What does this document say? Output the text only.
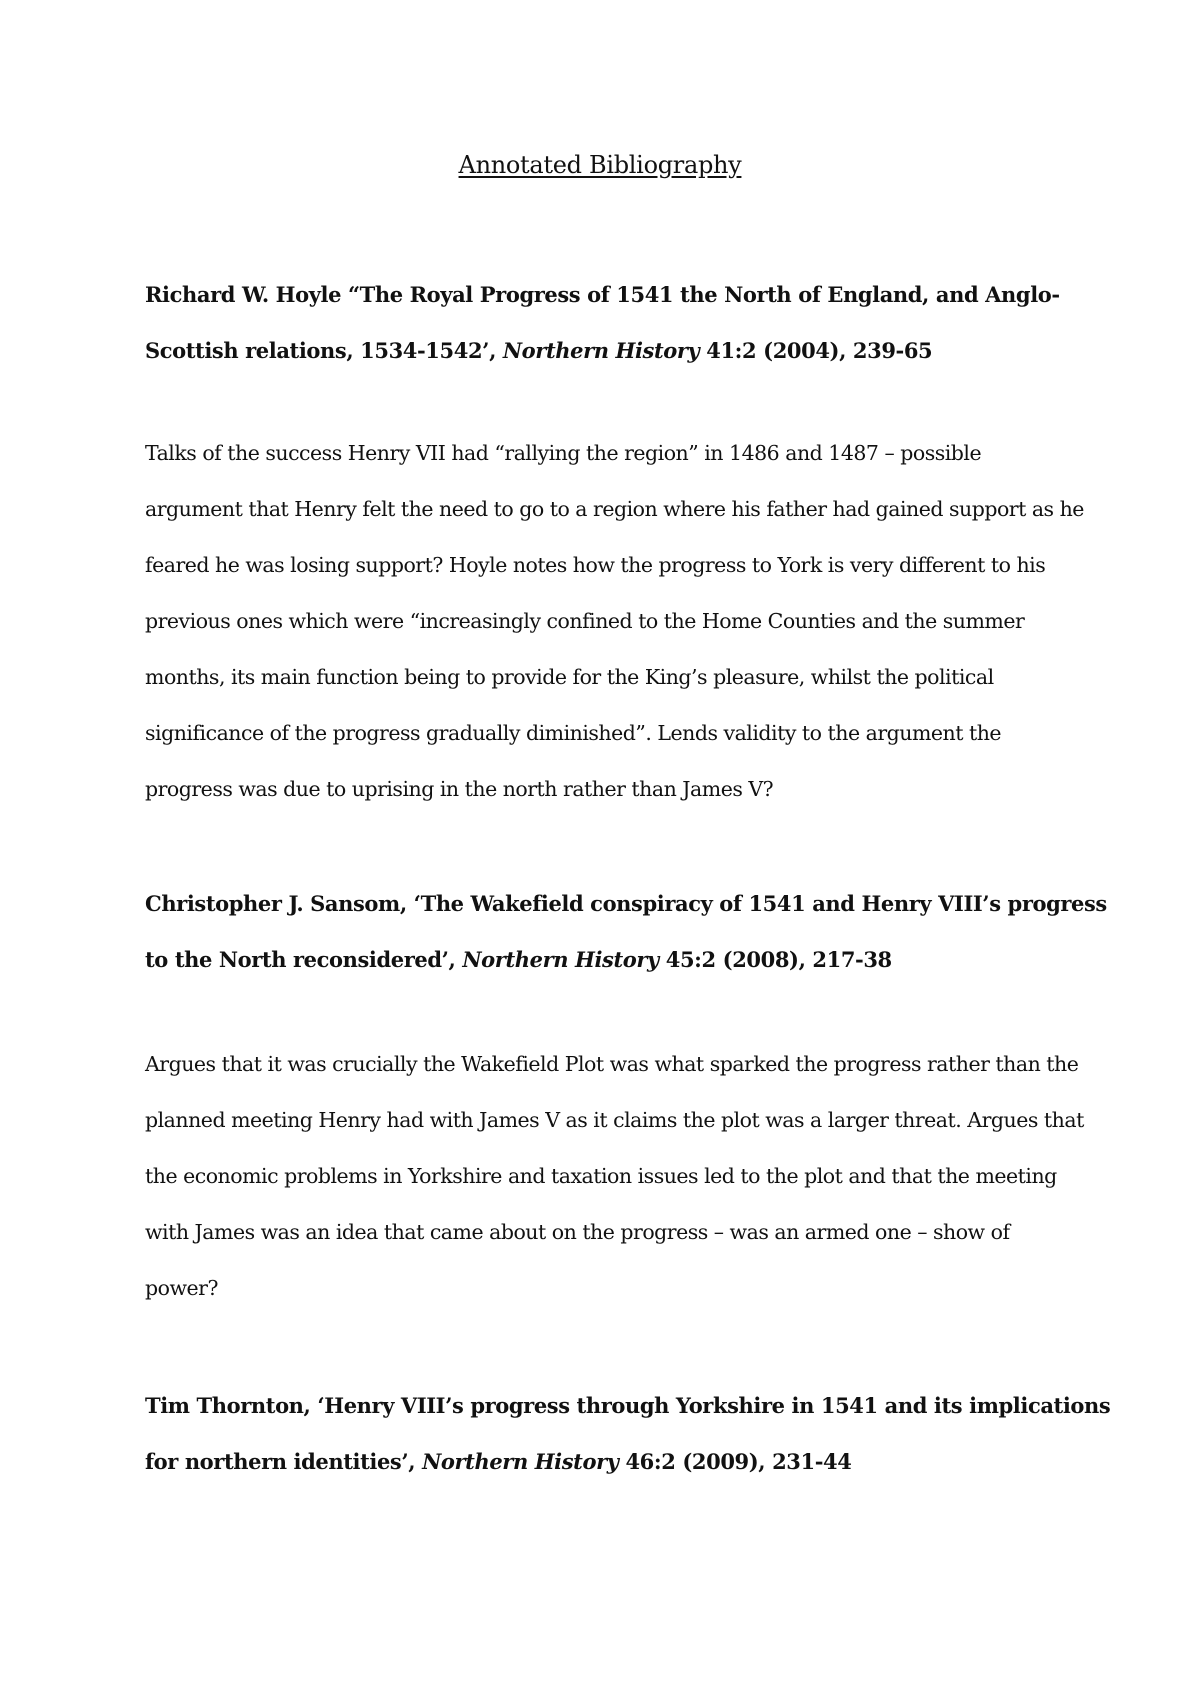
Annotated Bibliography
Richard W. Hoyle “The Royal Progress of 1541 the North of England, and Anglo-
Scottish relations, 1534-1542’, Northern History 41:2 (2004), 239-65
Talks of the success Henry VII had “rallying the region” in 1486 and 1487 – possible
argument that Henry felt the need to go to a region where his father had gained support as he
feared he was losing support? Hoyle notes how the progress to York is very different to his
previous ones which were “increasingly confined to the Home Counties and the summer
months, its main function being to provide for the King’s pleasure, whilst the political
significance of the progress gradually diminished”. Lends validity to the argument the
progress was due to uprising in the north rather than James V?
Christopher J. Sansom, ‘The Wakefield conspiracy of 1541 and Henry VIII’s progress
to the North reconsidered’, Northern History 45:2 (2008), 217-38
Argues that it was crucially the Wakefield Plot was what sparked the progress rather than the
planned meeting Henry had with James V as it claims the plot was a larger threat. Argues that
the economic problems in Yorkshire and taxation issues led to the plot and that the meeting
with James was an idea that came about on the progress – was an armed one – show of
power?
Tim Thornton, ‘Henry VIII’s progress through Yorkshire in 1541 and its implications
for northern identities’, Northern History 46:2 (2009), 231-44
